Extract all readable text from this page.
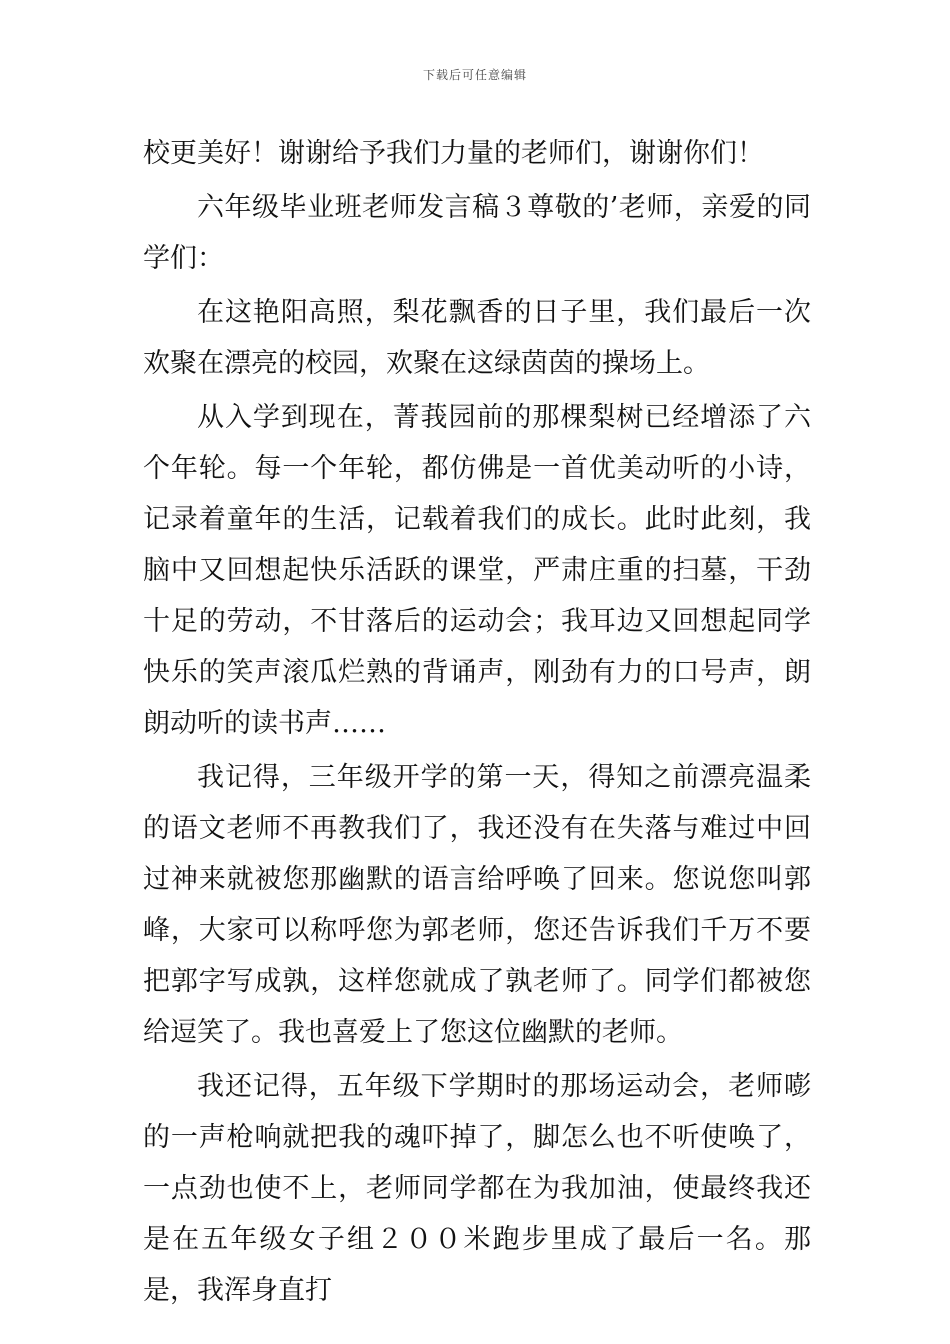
下载后可任意编辑

校更美好！谢谢给予我们力量的老师们，谢谢你们！

六年级毕业班老师发言稿３尊敬的’老师，亲爱的同学们：

在这艳阳高照，梨花飘香的日子里，我们最后一次欢聚在漂亮的校园，欢聚在这绿茵茵的操场上。

从入学到现在，菁莪园前的那棵梨树已经增添了六个年轮。每一个年轮，都仿佛是一首优美动听的小诗，记录着童年的生活，记载着我们的成长。此时此刻，我脑中又回想起快乐活跃的课堂，严肃庄重的扫墓，干劲十足的劳动，不甘落后的运动会；我耳边又回想起同学快乐的笑声滚瓜烂熟的背诵声，刚劲有力的口号声，朗朗动听的读书声……

我记得，三年级开学的第一天，得知之前漂亮温柔的语文老师不再教我们了，我还没有在失落与难过中回过神来就被您那幽默的语言给呼唤了回来。您说您叫郭峰，大家可以称呼您为郭老师，您还告诉我们千万不要把郭字写成孰，这样您就成了孰老师了。同学们都被您给逗笑了。我也喜爱上了您这位幽默的老师。

我还记得，五年级下学期时的那场运动会，老师嘭的一声枪响就把我的魂吓掉了，脚怎么也不听使唤了，一点劲也使不上，老师同学都在为我加油，使最终我还是在五年级女子组２００米跑步里成了最后一名。那是，我浑身直打
